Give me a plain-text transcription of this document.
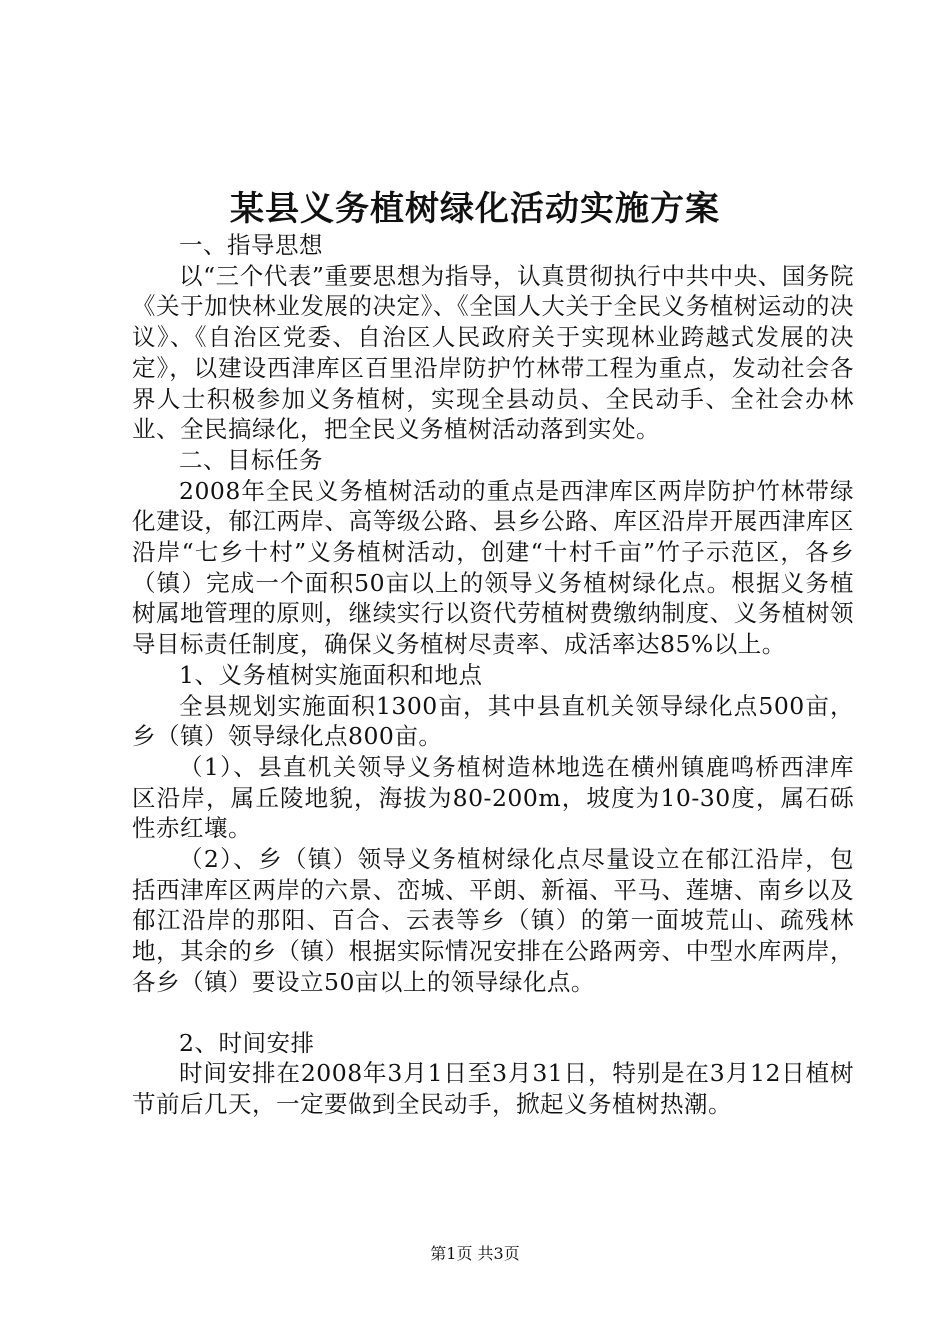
某县义务植树绿化活动实施方案

一、指导思想

以“三个代表”重要思想为指导，认真贯彻执行中共中央、国务院《关于加快林业发展的决定》、《全国人大关于全民义务植树运动的决议》、《自治区党委、自治区人民政府关于实现林业跨越式发展的决定》，以建设西津库区百里沿岸防护竹林带工程为重点，发动社会各界人士积极参加义务植树，实现全县动员、全民动手、全社会办林业、全民搞绿化，把全民义务植树活动落到实处。

二、目标任务

2008年全民义务植树活动的重点是西津库区两岸防护竹林带绿化建设，郁江两岸、高等级公路、县乡公路、库区沿岸开展西津库区沿岸“七乡十村”义务植树活动，创建“十村千亩”竹子示范区，各乡（镇）完成一个面积50亩以上的领导义务植树绿化点。根据义务植树属地管理的原则，继续实行以资代劳植树费缴纳制度、义务植树领导目标责任制度，确保义务植树尽责率、成活率达85%以上。

1、义务植树实施面积和地点

全县规划实施面积1300亩，其中县直机关领导绿化点500亩，乡（镇）领导绿化点800亩。

（1）、县直机关领导义务植树造林地选在横州镇鹿鸣桥西津库区沿岸，属丘陵地貌，海拔为80-200m，坡度为10-30度，属石砾性赤红壤。

（2）、乡（镇）领导义务植树绿化点尽量设立在郁江沿岸，包括西津库区两岸的六景、峦城、平朗、新福、平马、莲塘、南乡以及郁江沿岸的那阳、百合、云表等乡（镇）的第一面坡荒山、疏残林地，其余的乡（镇）根据实际情况安排在公路两旁、中型水库两岸，各乡（镇）要设立50亩以上的领导绿化点。

2、时间安排

时间安排在2008年3月1日至3月31日，特别是在3月12日植树节前后几天，一定要做到全民动手，掀起义务植树热潮。

第1页 共3页
